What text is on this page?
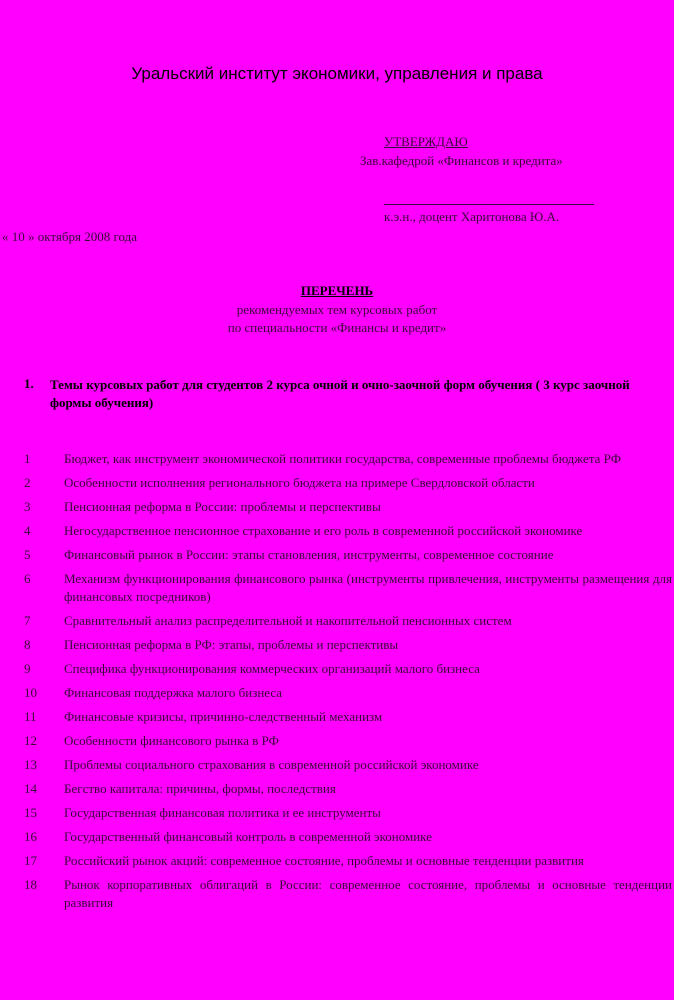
Уральский институт экономики, управления и права
УТВЕРЖДАЮ
Зав.кафедрой «Финансов и кредита»
к.э.н., доцент Харитонова Ю.А.
« 10 » октября 2008 года
ПЕРЕЧЕНЬ
рекомендуемых тем курсовых работ
по специальности «Финансы и кредит»
1. Темы курсовых работ для студентов 2 курса очной и очно-заочной форм обучения ( 3 курс заочной формы обучения)
1	Бюджет, как инструмент экономической политики государства, современные проблемы бюджета РФ
2	Особенности исполнения регионального бюджета на примере Свердловской области
3	Пенсионная реформа в России: проблемы и перспективы
4	Негосударственное пенсионное страхование и его роль в современной российской экономике
5	Финансовый рынок в России: этапы становления, инструменты, современное состояние
6	Механизм функционирования финансового рынка (инструменты привлечения, инструменты размещения для финансовых посредников)
7	Сравнительный анализ распределительной и накопительной пенсионных систем
8	Пенсионная реформа в РФ: этапы, проблемы и перспективы
9	Специфика функционирования коммерческих организаций малого бизнеса
10 Финансовая поддержка малого бизнеса
11 Финансовые кризисы, причинно-следственный механизм
12 Особенности финансового рынка в РФ
13 Проблемы социального страхования в современной российской экономике
14 Бегство капитала: причины, формы, последствия
15 Государственная финансовая политика и ее инструменты
16 Государственный финансовый контроль в современной экономике
17 Российский рынок акций: современное состояние, проблемы и основные тенденции развития
18 Рынок корпоративных облигаций в России: современное состояние, проблемы и основные тенденции развития
